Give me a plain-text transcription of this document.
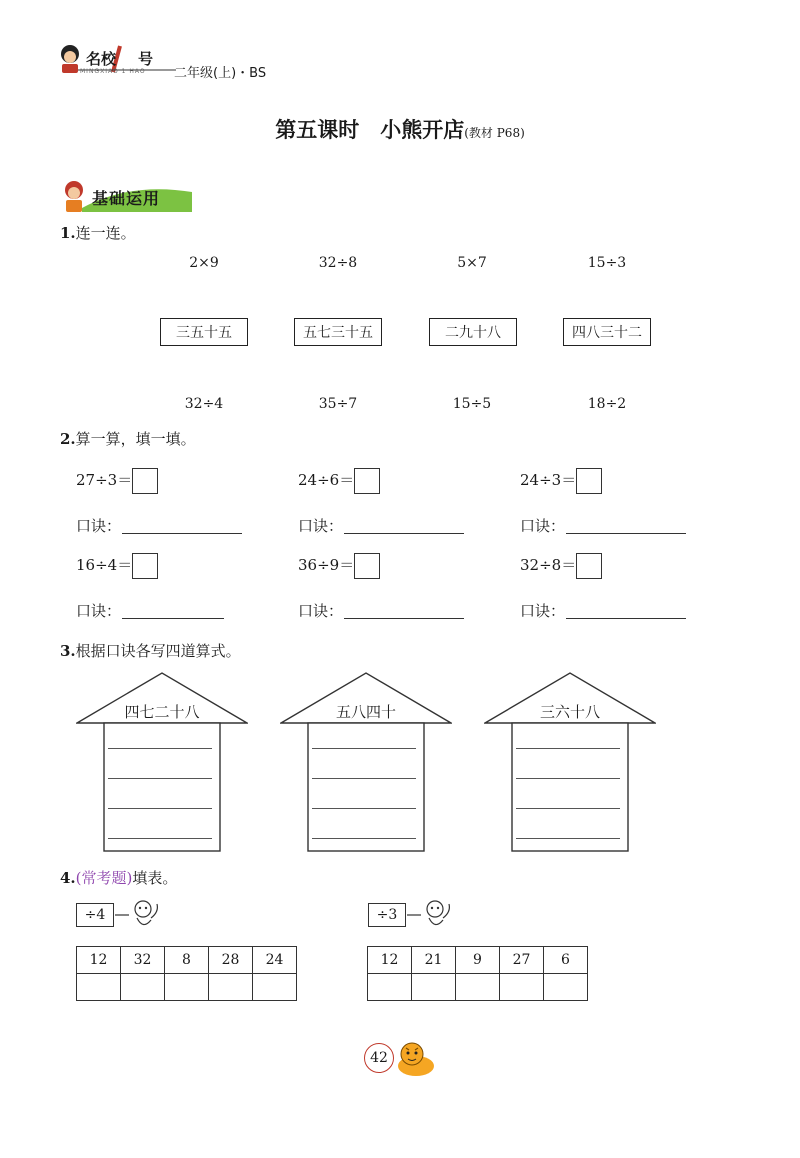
名校 号
MINGXIAO 1 HAO 二年级(上)・BS
第五课时　小熊开店(教材 P68)
基础运用
1.连一连。
2×9	32÷8	5×7	15÷3
三五十五	五七三十五	二九十八	四八三十二
32÷4	35÷7	15÷5	18÷2
2.算一算，填一填。
27÷3＝	24÷6＝	24÷3＝
口诀：	口诀：	口诀：
16÷4＝	36÷9＝	32÷8＝
口诀：	口诀：	口诀：
3.根据口诀各写四道算式。
四七二十八	五八四十	三六十八
4.(常考题)填表。
÷4
12	32	8	28	24

÷3
12	21	9	27	6

42
